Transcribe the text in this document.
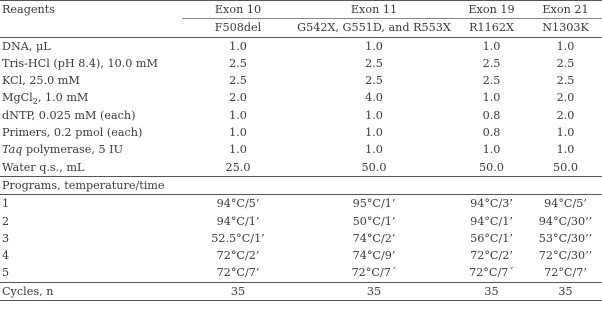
Reagents	Exon 10	Exon 11	Exon 19	Exon 21
	F508del	G542X, G551D, and R553X	R1162X	N1303K
DNA, μL	1.0	1.0	1.0	1.0
Tris-HCl (pH 8.4), 10.0 mM	2.5	2.5	2.5	2.5
KCl, 25.0 mM	2.5	2.5	2.5	2.5
MgCl$_2$, 1.0 mM	2.0	4.0	1.0	2.0
dNTP, 0.025 mM (each)	1.0	1.0	0.8	2.0
Primers, 0.2 pmol (each)	1.0	1.0	0.8	1.0
Taq polymerase, 5 IU	1.0	1.0	1.0	1.0
Water q.s., mL	25.0	50.0	50.0	50.0
Programs, temperature/time				
1	94°C/5’	95°C/1’	94°C/3’	94°C/5’
2	94°C/1’	50°C/1’	94°C/1’	94°C/30’’
3	52.5°C/1’	74°C/2’	56°C/1’	53°C/30’’
4	72°C/2’	74°C/9’	72°C/2’	72°C/30’’
5	72°C/7’	72°C/7´	72°C/7´	72°C/7’
Cycles, n	35	35	35	35
